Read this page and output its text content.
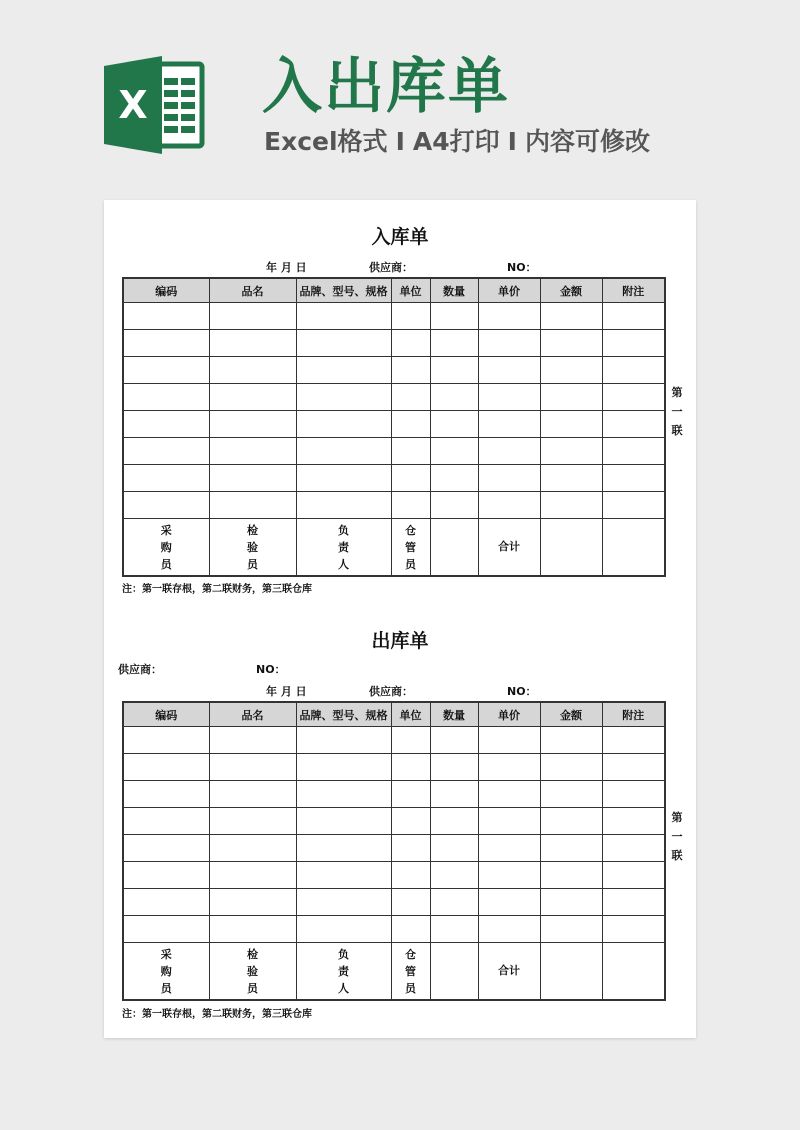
X 入出库单
Excel格式 I A4打印 I 内容可修改
入库单
年 月 日	供应商：	NO：
编码	品名	品牌、型号、规格	单位	数量	单价	金额	附注

采购员	检验员	负责人	仓管员		合计		
第
一
联
注：第一联存根，第二联财务，第三联仓库
出库单
供应商：	NO：
年 月 日	供应商：	NO：
编码	品名	品牌、型号、规格	单位	数量	单价	金额	附注

采购员	检验员	负责人	仓管员		合计		
第
一
联
注：第一联存根，第二联财务，第三联仓库
